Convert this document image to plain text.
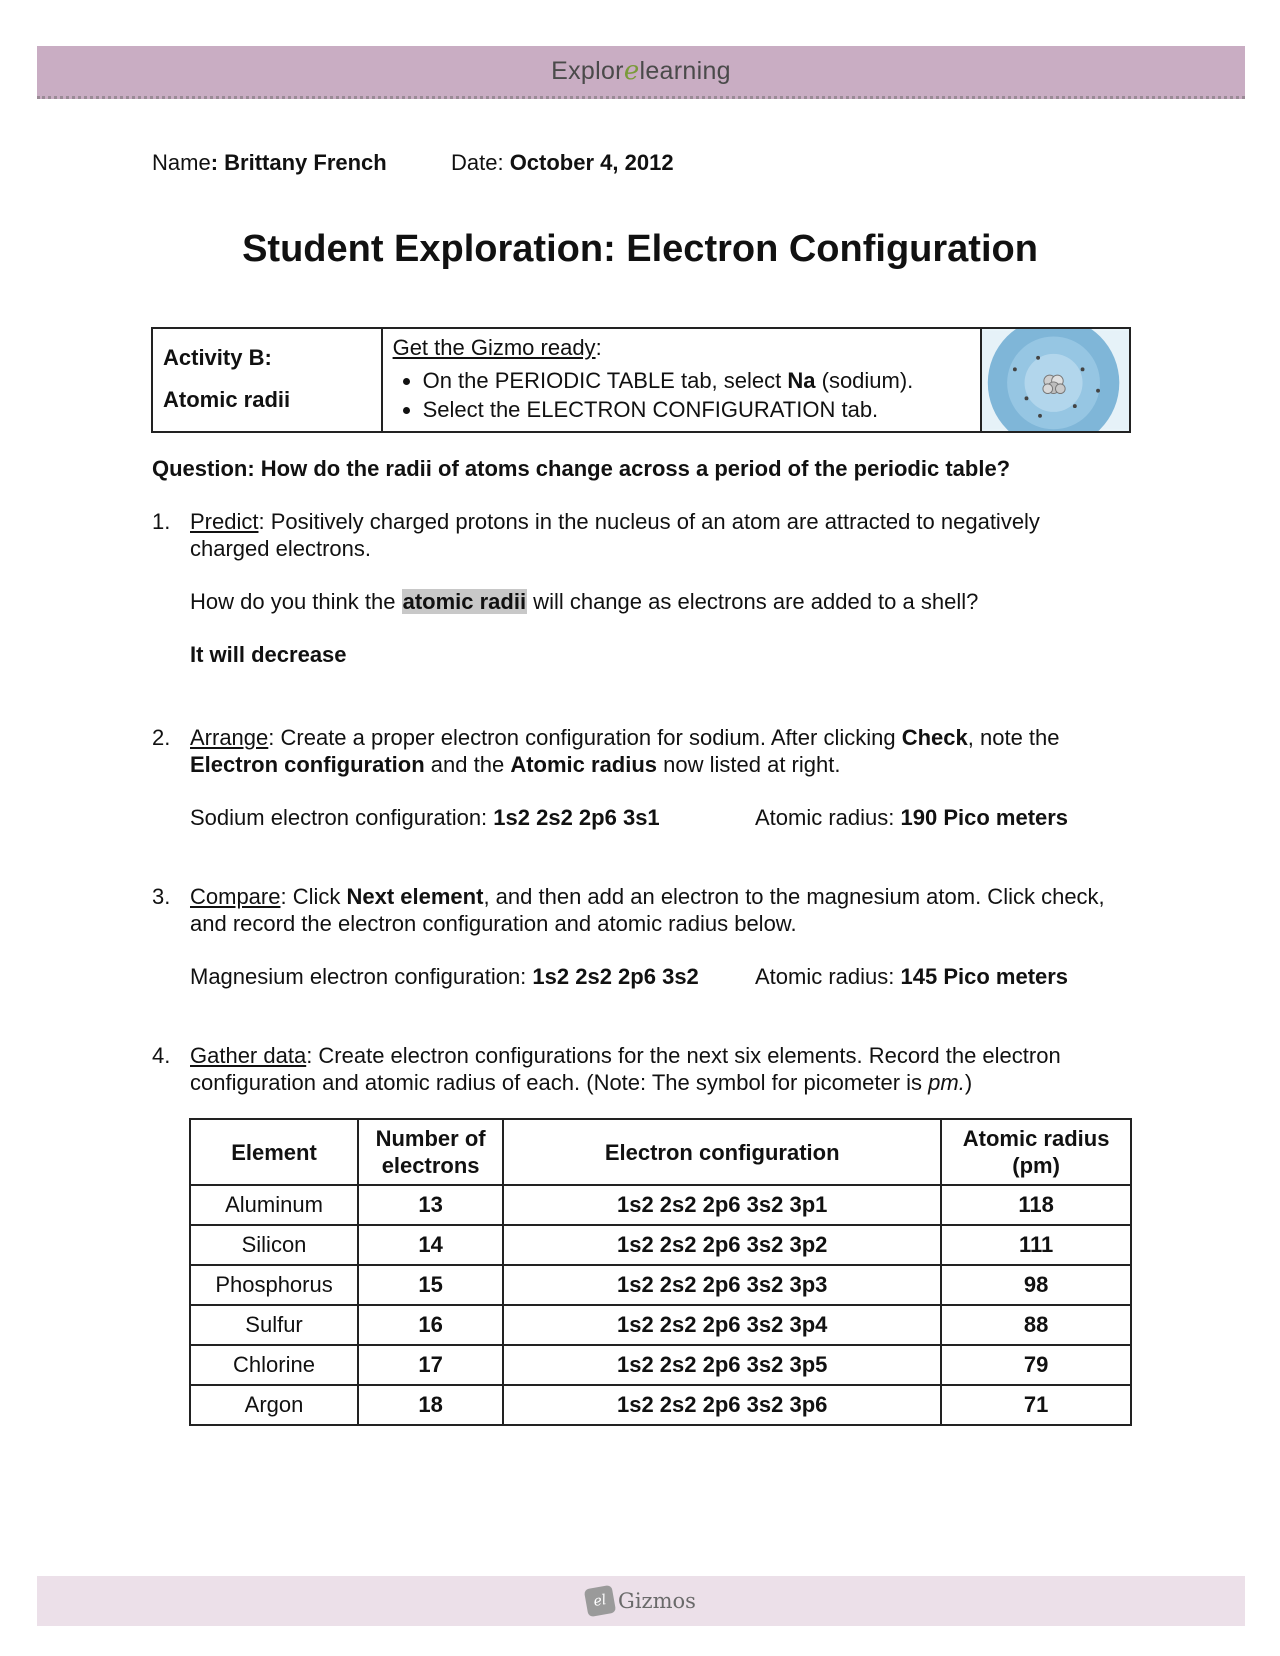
Explorelearning
Name: Brittany French	Date: October 4, 2012
Student Exploration: Electron Configuration
Activity B:
Atomic radii
	Get the Gizmo ready:
• On the PERIODIC TABLE tab, select Na (sodium).
• Select the ELECTRON CONFIGURATION tab.

Question: How do the radii of atoms change across a period of the periodic table?
1. Predict: Positively charged protons in the nucleus of an atom are attracted to negatively charged electrons.
How do you think the atomic radii will change as electrons are added to a shell?
It will decrease
2. Arrange: Create a proper electron configuration for sodium. After clicking Check, note the Electron configuration and the Atomic radius now listed at right.
Sodium electron configuration: 1s2 2s2 2p6 3s1	Atomic radius: 190 Pico meters
3. Compare: Click Next element, and then add an electron to the magnesium atom. Click check, and record the electron configuration and atomic radius below.
Magnesium electron configuration: 1s2 2s2 2p6 3s2	Atomic radius: 145 Pico meters
4. Gather data: Create electron configurations for the next six elements. Record the electron configuration and atomic radius of each. (Note: The symbol for picometer is pm.)
Element	Number of electrons	Electron configuration	Atomic radius (pm)
Aluminum	13	1s2 2s2 2p6 3s2 3p1	118
Silicon	14	1s2 2s2 2p6 3s2 3p2	111
Phosphorus	15	1s2 2s2 2p6 3s2 3p3	98
Sulfur	16	1s2 2s2 2p6 3s2 3p4	88
Chlorine	17	1s2 2s2 2p6 3s2 3p5	79
Argon	18	1s2 2s2 2p6 3s2 3p6	71
el Gizmos
